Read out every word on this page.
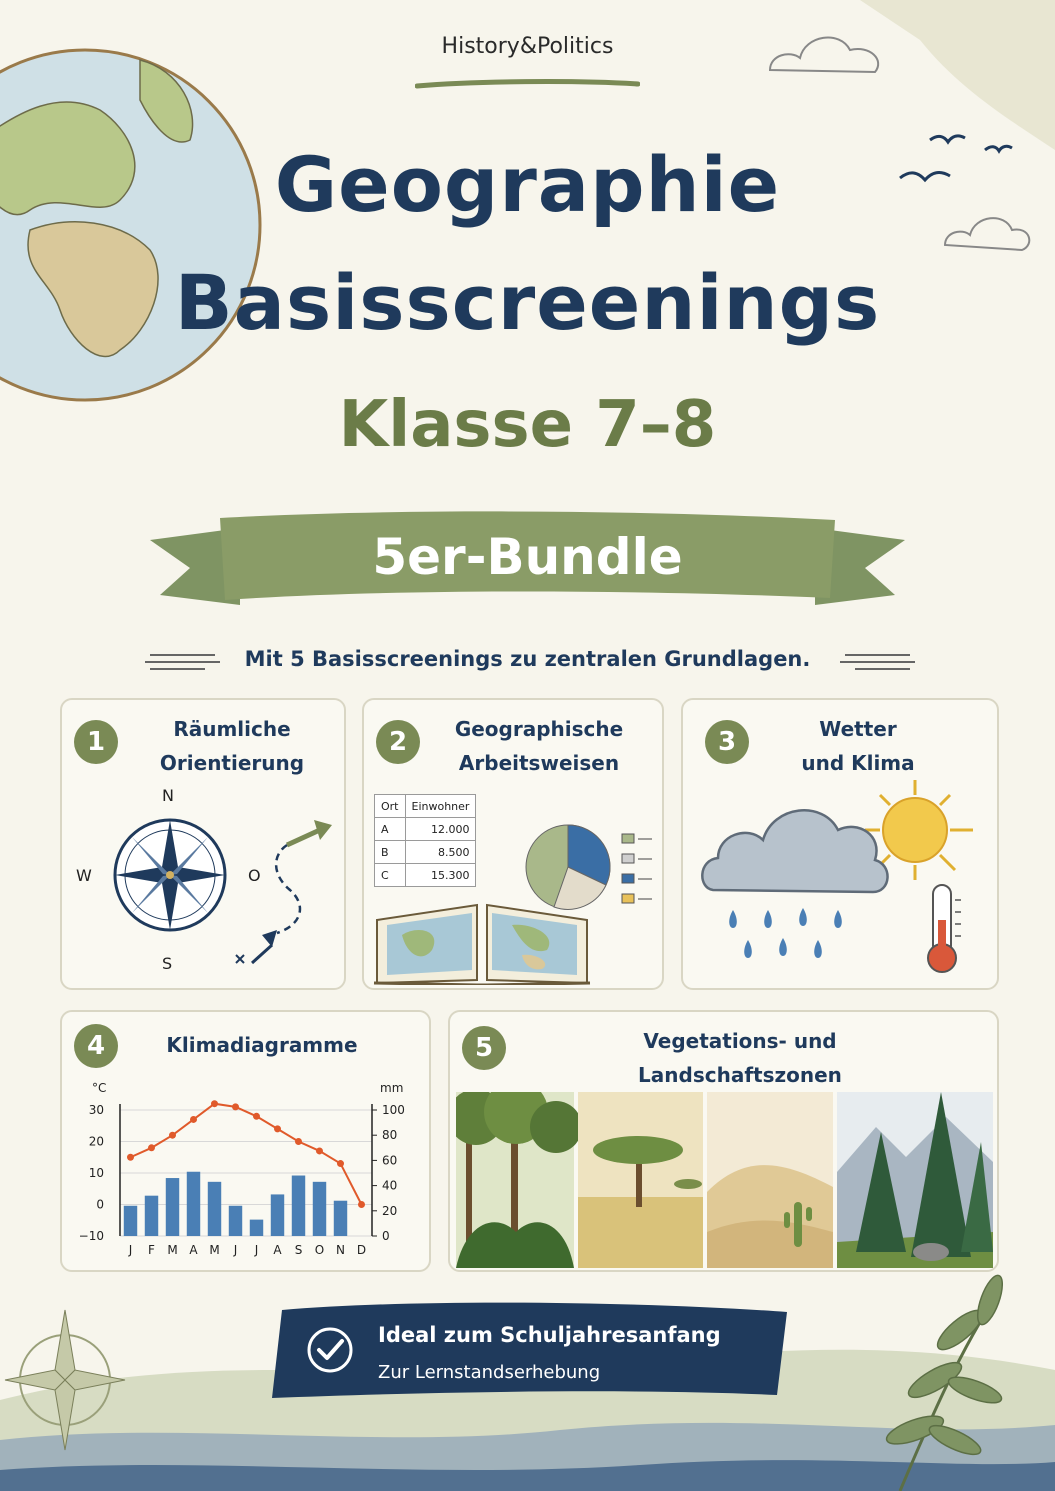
History&Politics
Geographie
Basisscreenings
Klasse 7–8
5er-Bundle
Mit 5 Basisscreenings zu zentralen Grundlagen.
1	Räumliche
Orientierung
N
S
W	O
2	Geographische
Arbeitsweisen
Ort	Einwohner
A	12.000
B	8.500
C	15.300
3	Wetter
und Klima
4	Klimadiagramme
30
20
10
0
−10
100
80
60
40
20
0
°C	mm
J F M A M J J A S O N D
5	Vegetations- und
Landschaftszonen
Ideal zum Schuljahresanfang
Zur Lernstandserhebung
